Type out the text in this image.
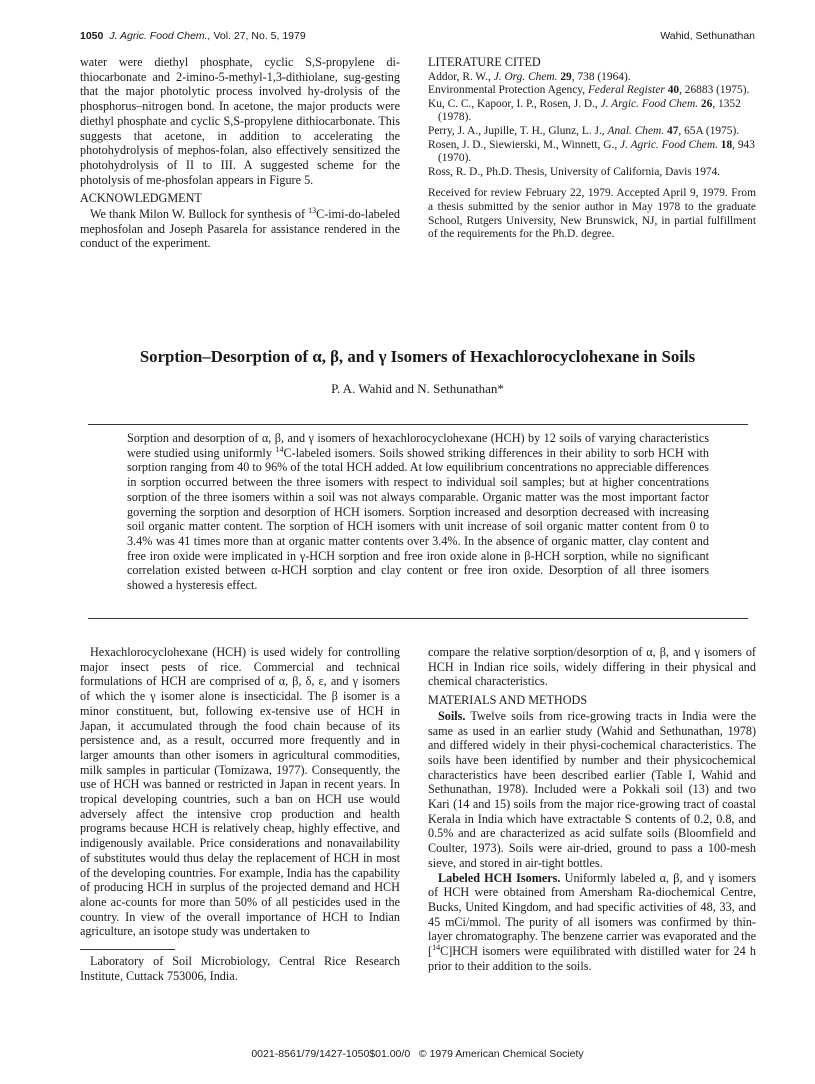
1050 J. Agric. Food Chem., Vol. 27, No. 5, 1979	Wahid, Sethunathan

water were diethyl phosphate, cyclic S,S-propylene di-thiocarbonate and 2-imino-5-methyl-1,3-dithiolane, sug-gesting that the major photolytic process involved hy-drolysis of the phosphorus–nitrogen bond. In acetone, the major products were diethyl phosphate and cyclic S,S-propylene dithiocarbonate. This suggests that acetone, in addition to accelerating the photohydrolysis of mephos-folan, also effectively sensitized the photohydrolysis of II to III. A suggested scheme for the photolysis of me-phosfolan appears in Figure 5.

ACKNOWLEDGMENT

We thank Milon W. Bullock for synthesis of $^{13}$C-imi-do-labeled mephosfolan and Joseph Pasarela for assistance rendered in the conduct of the experiment.

LITERATURE CITED

Addor, R. W., J. Org. Chem. 29, 738 (1964).

Environmental Protection Agency, Federal Register 40, 26883 (1975).

Ku, C. C., Kapoor, I. P., Rosen, J. D., J. Argic. Food Chem. 26, 1352 (1978).

Perry, J. A., Jupille, T. H., Glunz, L. J., Anal. Chem. 47, 65A (1975).

Rosen, J. D., Siewierski, M., Winnett, G., J. Agric. Food Chem. 18, 943 (1970).

Ross, R. D., Ph.D. Thesis, University of California, Davis 1974.

Received for review February 22, 1979. Accepted April 9, 1979. From a thesis submitted by the senior author in May 1978 to the graduate School, Rutgers University, New Brunswick, NJ, in partial fulfillment of the requirements for the Ph.D. degree.

Sorption–Desorption of α, β, and γ Isomers of Hexachlorocyclohexane in Soils
P. A. Wahid and N. Sethunathan*
Sorption and desorption of α, β, and γ isomers of hexachlorocyclohexane (HCH) by 12 soils of varying characteristics were studied using uniformly $^{14}$C-labeled isomers. Soils showed striking differences in their ability to sorb HCH with sorption ranging from 40 to 96% of the total HCH added. At low equilibrium concentrations no appreciable differences in sorption occurred between the three isomers with respect to individual soil samples; but at higher concentrations sorption of the three isomers within a soil was not always comparable. Organic matter was the most important factor governing the sorption and desorption of HCH isomers. Sorption increased and desorption decreased with increasing soil organic matter content. The sorption of HCH isomers with unit increase of soil organic matter content from 0 to 3.4% was 41 times more than at organic matter contents over 3.4%. In the absence of organic matter, clay content and free iron oxide were implicated in γ-HCH sorption and free iron oxide alone in β-HCH sorption, while no significant correlation existed between α-HCH sorption and clay content or free iron oxide. Desorption of all three isomers showed a hysteresis effect.

Hexachlorocyclohexane (HCH) is used widely for controlling major insect pests of rice. Commercial and technical formulations of HCH are comprised of α, β, δ, ε, and γ isomers of which the γ isomer alone is insecticidal. The β isomer is a minor constituent, but, following ex-tensive use of HCH in Japan, it accumulated through the food chain because of its persistence and, as a result, occurred more frequently and in larger amounts than other isomers in agricultural commodities, milk samples in particular (Tomizawa, 1977). Consequently, the use of HCH was banned or restricted in Japan in recent years. In tropical developing countries, such a ban on HCH use would adversely affect the intensive crop production and health programs because HCH is relatively cheap, highly effective, and indigenously available. Price considerations and nonavailability of substitutes would thus delay the replacement of HCH in most of the developing countries. For example, India has the capability of producing HCH in surplus of the projected demand and HCH alone ac-counts for more than 50% of all pesticides used in the country. In view of the overall importance of HCH to Indian agriculture, an isotope study was undertaken to

Laboratory of Soil Microbiology, Central Rice Research Institute, Cuttack 753006, India.

compare the relative sorption/desorption of α, β, and γ isomers of HCH in Indian rice soils, widely differing in their physical and chemical characteristics.

MATERIALS AND METHODS

Soils. Twelve soils from rice-growing tracts in India were the same as used in an earlier study (Wahid and Sethunathan, 1978) and differed widely in their physi-cochemical characteristics. The soils have been identified by number and their physicochemical characteristics have been described earlier (Table I, Wahid and Sethunathan, 1978). Included were a Pokkali soil (13) and two Kari (14 and 15) soils from the major rice-growing tract of coastal Kerala in India which have extractable S contents of 0.2, 0.8, and 0.5% and are characterized as acid sulfate soils (Bloomfield and Coulter, 1973). Soils were air-dried, ground to pass a 100-mesh sieve, and stored in air-tight bottles.

Labeled HCH Isomers. Uniformly labeled α, β, and γ isomers of HCH were obtained from Amersham Ra-diochemical Centre, Bucks, United Kingdom, and had specific activities of 48, 33, and 45 mCi/mmol. The purity of all isomers was confirmed by thin-layer chromatography. The benzene carrier was evaporated and the [$^{14}$C]HCH isomers were equilibrated with distilled water for 24 h prior to their addition to the soils.

0021-8561/79/1427-1050$01.00/0 © 1979 American Chemical Society
